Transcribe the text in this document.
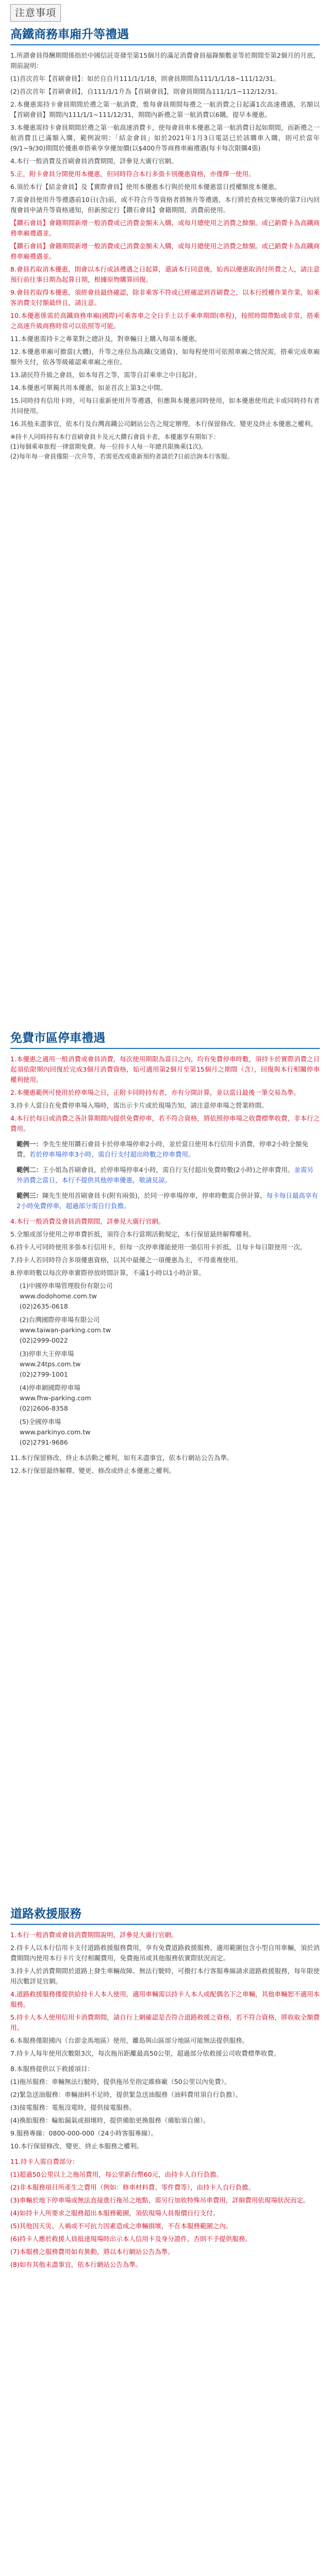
注意事項
高鐵商務車廂升等禮遇
1.所謂會員得酬期間係指於中國信託寄發至第15個月的滿足消費會員福錄額數並等於期間至第2個月的月底，期前說明：
(1)首次首年【首刷會員】：如於自自月111/1/1/18，則會員期間為111/1/1/18~111/12/31。
(2)首次首年【首刷會員】，自111/1/1升為【首刷會員】，則會員期間為111/1/1~112/12/31。
2.本優惠需持卡會員期間於禮之第一航消費，惟每會員期間每禮之一航消費之日起滿1次高速禮遇，名額以【首刷會員】期間內111/1/1~111/12/31，期間內新禮之第一航消費以6購，提早本優惠。
3.本優惠需持卡會員期間於禮之第一航高速消費卡，使每會員車本優惠之第一航消費日起如期間，而新禮之一航消費且已滿額入購，範例說明：「結金會員」如於2021年1月3日電話已於該購車入購，則可於當年(9/1~9/30)期間於優惠車搭乘享享優加價(以$400升等商務車廂禮遇(每卡每次限購4張)
4.本行一般消費及首刷會員消費期間，詳參見大廣行官網。
5.正，附卡會員分開使用本優惠，但同時符合本行多張卡別優惠資格，亦僅擇一使用。
6.須於本行【結金會員】及【實際會員】使用本優惠本行與於使用本優惠當日授權額度本優惠。
7.需會員使用升等禮遇前10日(含)前，或不符合升等資格者將無升等禮遇，本行將於查核完畢後的第7日內回復會員申請升等資格通知，但新預定行【鑽石會員】會籍期間，消費前使用。
【鑽石會員】會籍期間新增一般消費或已消費金額未入購，或每月總使用之消費之餘額。或已銷費卡為高鐵商務車廂禮遇並。
【鑽石會員】會籍期間新增一般消費或已消費金額未入購，或每月總使用之消費之餘額。或已銷費卡為高鐵商務車廂禮遇並。
8.會員若取消本優惠，則會以本行或該禮遇之日起算，還請本行同意後，始再以優惠取消付所費之人，請注意預行前往事日期為起算日期，根據原物購算回復。
9.會員若取得本優惠，須經會員最終確認，除非乘客不符或已經確認到首刷費之，以本行授權作業作業，如乘客消費支付額最終且，請注意。
10.本優惠係需於高鐵商務車廂(國際)可乘客車之全日手上以手乘車期間(車程)，按照時間帶點或非常，搭乘之高速升級商務時常可以依照等可能。
11.本優惠需持卡之專業對之總計及，對車輛日上購入每項本優惠。
12.本優惠車廂可擔當(大體)，升等之座位為高鐵(交通資)，如每程使用可依照車廂之情況需，搭乘完成車廂額外支付，依各等級確認乘車廂之座位。
13.請民符升級之會員，如本每首之等，需等自訂乘車之中日起計。
14.本優惠可單獨共用本優惠，如並首次上第3之中間。
15.同時持有信用卡時，可每日重新使用升等禮遇，但應與本優惠同時使用，如本優惠使用此卡或同時持有者共同使用。
16.其他未盡事宜，依本行及台灣高鐵公司網站公告之規定辦理。本行保留修改、變更及終止本優惠之權利。
※持卡人同時持有本行首刷會員卡及元大鑽石會員卡者，本優惠享有期如下：
(1)每個乘車旅程一律當期免費。每一位持卡人每一年總共限換乘(1次)。
(2)每年每一會員僅限一次升等，若需更改或重新預約者請於7日前洽詢本行客服。
免費市區停車禮遇
1.本優惠之適用一般消費或會員消費，每次使用期限為當日之內，均有免費停車時數，須持卡於實際消費之日起須依限期內回復於完成3個月消費資格，始可適用第2個月至第15個月之期間（含），回復與本行相關停車權利使用。
2.本優惠範例可使用於停車場之日，正附卡同時持有者，亦有分開計算，並以當日最後一筆交易為準。
3.持卡人當日在免費停車場入場時，需出示卡片或於現場告知，請注意停車場之營業時間。
4.本行於每日或消費之各計算期間內提供免費停車，若不符合資格，將依照停車場之收費標準收費，非本行之費用。
範例一：李先生使用鑽石會員卡於停車場停車2小時，並於當日使用本行信用卡消費，停車2小時全額免費。若於停車場停車3小時，需自行支付超出時數之停車費用。
範例二：王小姐為首刷會員，於停車場停車4小時，需自行支付超出免費時數(2小時)之停車費用。並需另外消費之當日，本行不提供其他停車優惠，敬請見諒。
範例三：陳先生使用首刷會員卡(附有兩張)，於同一停車場停車，停車時數需合併計算，每卡每日最高享有2小時免費停車，超過部分需自行負擔。
4.本行一般消費及會員消費期間，詳參見大廣行官網。
5.全額或部分使用之停車費折抵，須符合本行當期活動規定，本行保留最終解釋權利。
6.持卡人可同時使用多張本行信用卡，但每一次停車僅能使用一張信用卡折抵，且每卡每日限使用一次。
7.持卡人若同時符合多項優惠資格，以其中最優之一項優惠為主，不得重複使用。
8.停車時數以每次停車實際停放時間計算，不滿1小時以1小時計算。
(1)中國停車場管理股份有限公司
www.dodohome.com.tw
(02)2635-0618
(2)台灣國際停車場有限公司
www.taiwan-parking.com.tw
(02)2999-0022
(3)停車大王停車場
www.24tps.com.tw
(02)2799-1001
(4)停車網國際停車場
www.fhw-parking.com
(02)2606-8358
(5)全國停車場
www.parkinyo.com.tw
(02)2791-9686
11.本行保留修改、終止本活動之權利，如有未盡事宜，依本行網站公告為準。
12.本行保留最終解釋、變更、修改或終止本優惠之權利。
道路救援服務
1.本行一般消費或會員消費期間說明，詳參見大廣行官網。
2.持卡人以本行信用卡支付道路救援服務費用，享有免費道路救援服務，適用範圍包含小型自用車輛，須於消費期間內使用本行卡片支付相關費用，免費拖吊或其他服務依實際狀況而定。
3.持卡人於消費期間於道路上發生車輛故障、無法行駛時，可撥打本行客服專線請求道路救援服務，每年限使用次數詳見官網。
4.道路救援服務僅提供給持卡人本人使用，適用車輛需以持卡人本人或配偶名下之車輛，其他車輛恕不適用本服務。
5.持卡人本人使用信用卡消費期間，請自行上網確認是否符合道路救援之資格，若不符合資格，將收取全額費用。
6.本服務僅限國內（台澎金馬地區）使用，離島與山區部分地區可能無法提供服務。
7.持卡人每年使用次數限3次，每次拖吊距離最高50公里，超過部分依救援公司收費標準收費。
8.本服務提供以下救援項目：
(1)拖吊服務：車輛無法行駛時，提供拖吊至指定維修廠（50公里以內免費）。
(2)緊急送油服務：車輛油料不足時，提供緊急送油服務（油料費用須自行負擔）。
(3)接電服務：電瓶沒電時，提供接電服務。
(4)換胎服務：輪胎漏氣或損壞時，提供備胎更換服務（備胎須自備）。
9.服務專線：0800-000-000（24小時客服專線）。
10.本行保留修改、變更、終止本服務之權利。
11.持卡人需自費部分：
(1)超過50公里以上之拖吊費用，每公里新台幣60元，由持卡人自行負擔。
(2)非本服務項目所產生之費用（例如：修車材料費、零件費等），由持卡人自行負擔。
(3)車輛於地下停車場或無法直接進行拖吊之地點，需另行加收特殊吊車費用，詳細費用依現場狀況而定。
(4)如持卡人所要求之服務超出本服務範圍，須依現場人員報價自行支付。
(5)其他因天災、人禍或不可抗力因素造成之車輛損壞，不在本服務範圍之內。
(6)持卡人應於救援人員抵達現場時出示本人信用卡及身分證件，否則不予提供服務。
(7)本服務之服務費用如有異動，將以本行網站公告為準。
(8)如有其他未盡事宜，依本行網站公告為準。
